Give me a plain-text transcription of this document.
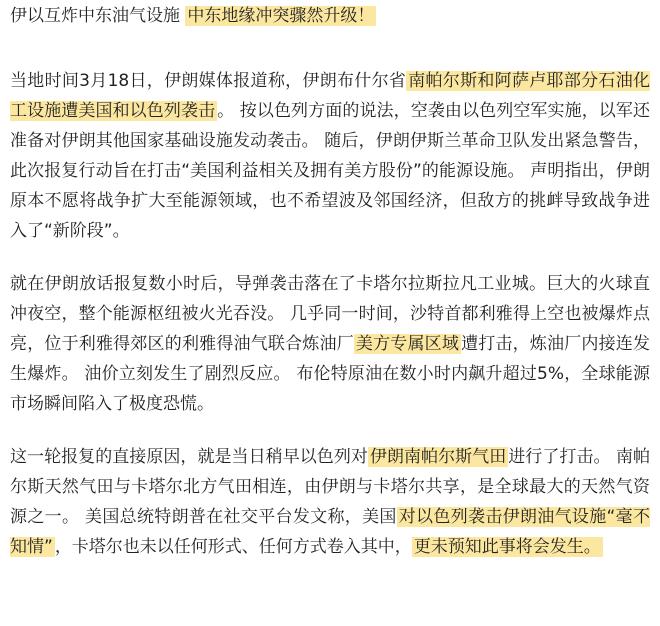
伊以互炸中东油气设施 中东地缘冲突骤然升级！

当地时间3月18日，伊朗媒体报道称，伊朗布什尔省 南帕尔斯和阿萨卢耶部分石油化工设施遭美国和以色列袭击 。 按以色列方面的说法，空袭由以色列空军实施，以军还准备对伊朗其他国家基础设施发动袭击。 随后，伊朗伊斯兰革命卫队发出紧急警告，此次报复行动旨在打击“美国利益相关及拥有美方股份”的能源设施。 声明指出，伊朗原本不愿将战争扩大至能源领域，也不希望波及邻国经济，但敌方的挑衅导致战争进入了“新阶段”。

就在伊朗放话报复数小时后，导弹袭击落在了卡塔尔拉斯拉凡工业城。巨大的火球直冲夜空，整个能源枢纽被火光吞没。 几乎同一时间，沙特首都利雅得上空也被爆炸点亮，位于利雅得郊区的利雅得油气联合炼油厂 美方专属区域 遭打击，炼油厂内接连发生爆炸。 油价立刻发生了剧烈反应。 布伦特原油在数小时内飙升超过5%，全球能源市场瞬间陷入了极度恐慌。

这一轮报复的直接原因，就是当日稍早以色列对 伊朗南帕尔斯气田 进行了打击。 南帕尔斯天然气田与卡塔尔北方气田相连，由伊朗与卡塔尔共享，是全球最大的天然气资源之一。 美国总统特朗普在社交平台发文称，美国 对以色列袭击伊朗油气设施“毫不知情” ，卡塔尔也未以任何形式、任何方式卷入其中， 更未预知此事将会发生。
